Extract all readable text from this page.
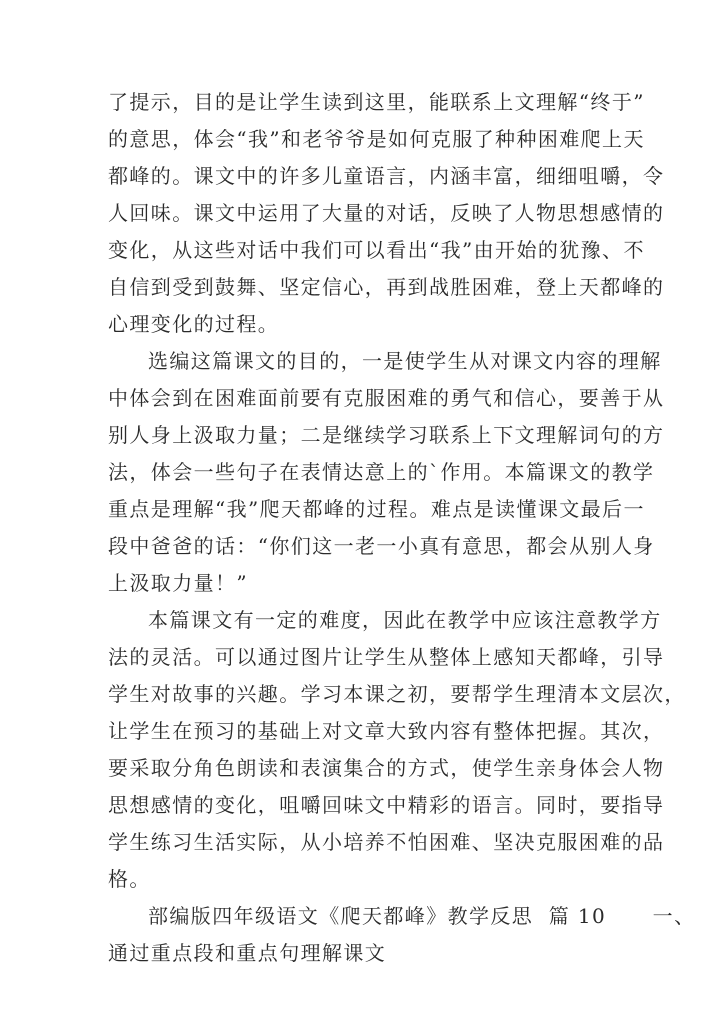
了提示，目的是让学生读到这里，能联系上文理解“终于”
的意思，体会“我”和老爷爷是如何克服了种种困难爬上天
都峰的。课文中的许多儿童语言，内涵丰富，细细咀嚼，令
人回味。课文中运用了大量的对话，反映了人物思想感情的
变化，从这些对话中我们可以看出“我”由开始的犹豫、不
自信到受到鼓舞、坚定信心，再到战胜困难，登上天都峰的
心理变化的过程。
选编这篇课文的目的，一是使学生从对课文内容的理解
中体会到在困难面前要有克服困难的勇气和信心，要善于从
别人身上汲取力量；二是继续学习联系上下文理解词句的方
法，体会一些句子在表情达意上的`作用。本篇课文的教学
重点是理解“我”爬天都峰的过程。难点是读懂课文最后一
段中爸爸的话：“你们这一老一小真有意思，都会从别人身
上汲取力量！”
本篇课文有一定的难度，因此在教学中应该注意教学方
法的灵活。可以通过图片让学生从整体上感知天都峰，引导
学生对故事的兴趣。学习本课之初，要帮学生理清本文层次，
让学生在预习的基础上对文章大致内容有整体把握。其次，
要采取分角色朗读和表演集合的方式，使学生亲身体会人物
思想感情的变化，咀嚼回味文中精彩的语言。同时，要指导
学生练习生活实际，从小培养不怕困难、坚决克服困难的品
格。
部编版四年级语文《爬天都峰》教学反思  篇 10      一、
通过重点段和重点句理解课文
